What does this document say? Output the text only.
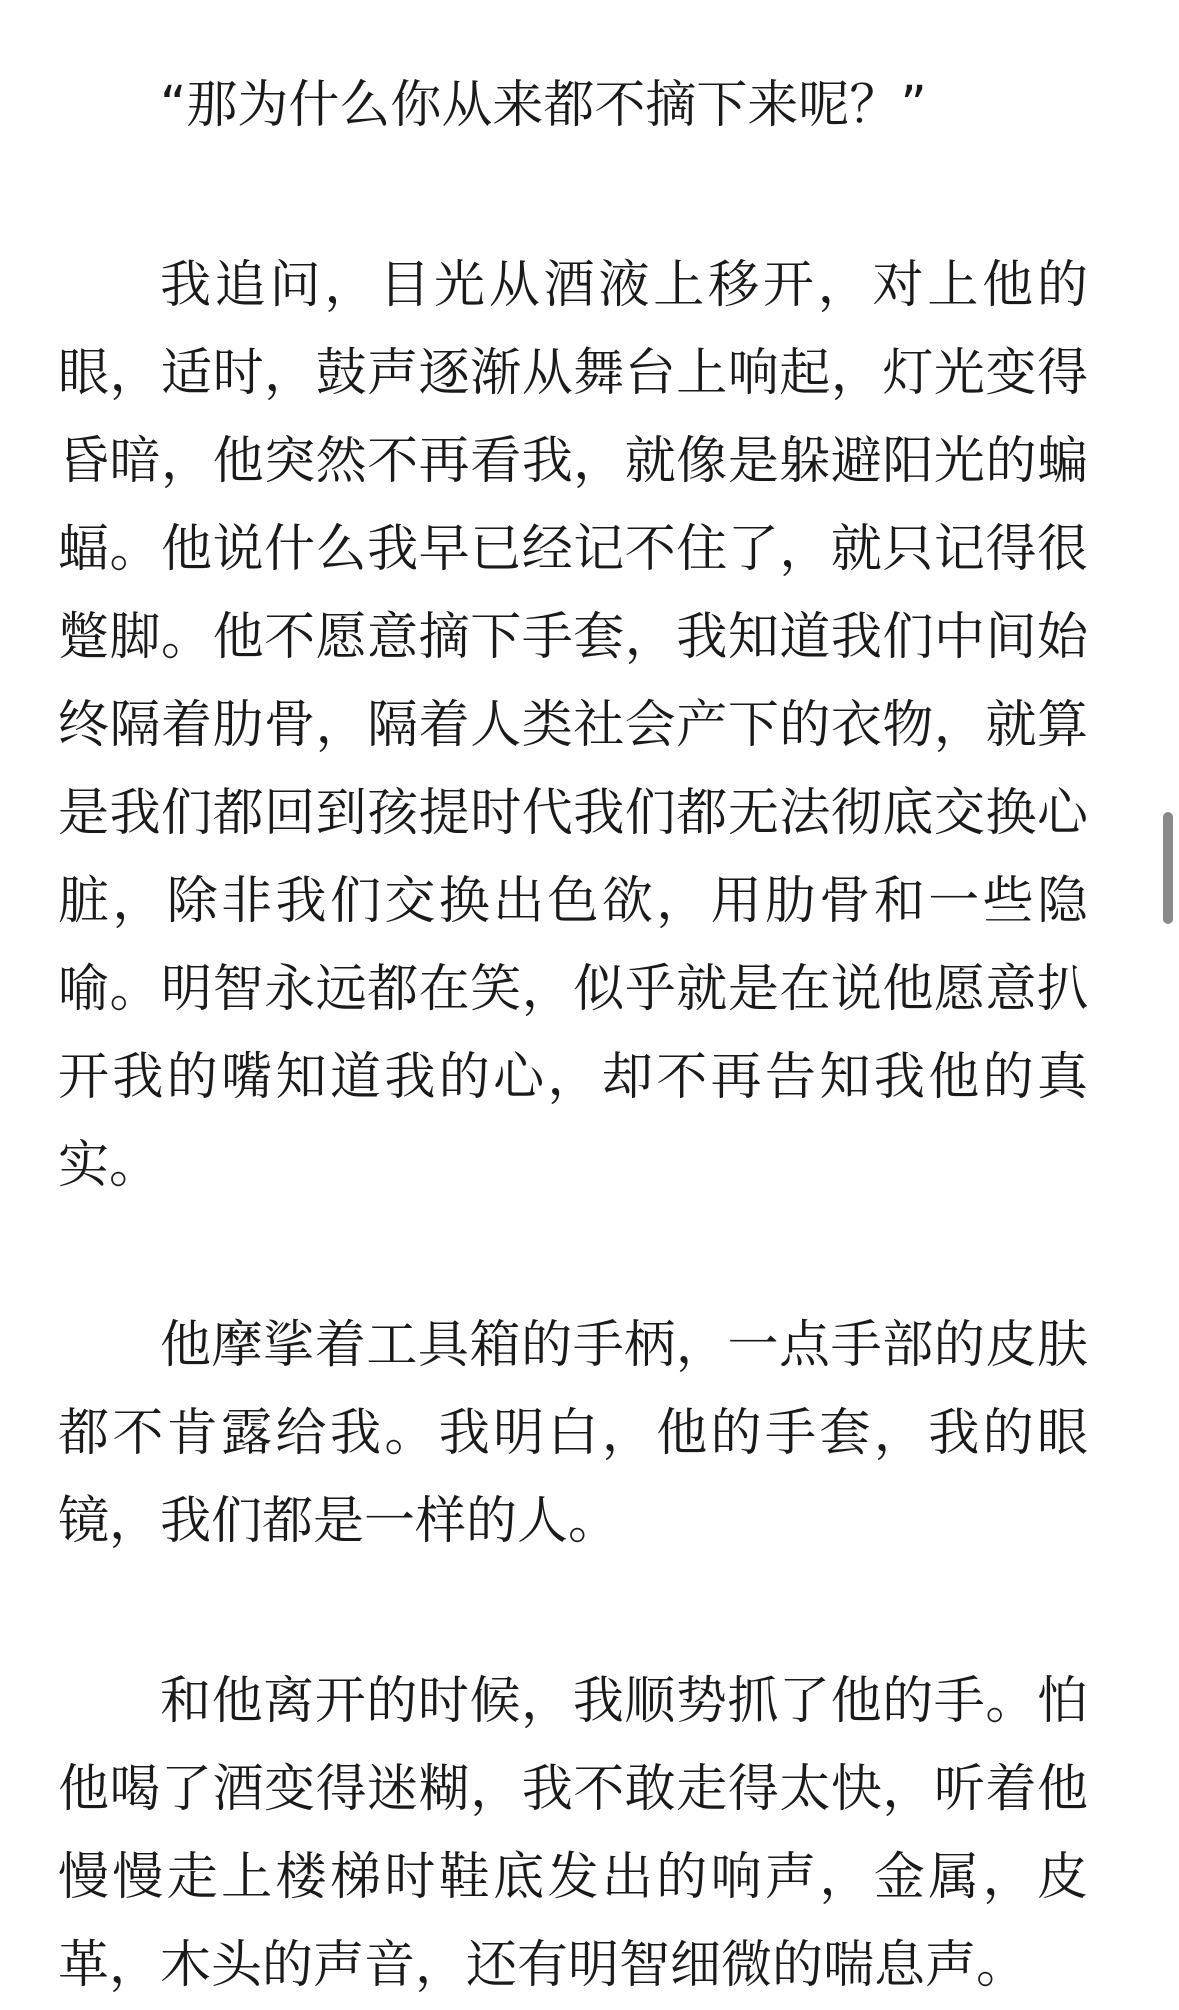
“那为什么你从来都不摘下来呢？”

我追问，目光从酒液上移开，对上他的眼，适时，鼓声逐渐从舞台上响起，灯光变得昏暗，他突然不再看我，就像是躲避阳光的蝙蝠。他说什么我早已经记不住了，就只记得很蹩脚。他不愿意摘下手套，我知道我们中间始终隔着肋骨，隔着人类社会产下的衣物，就算是我们都回到孩提时代我们都无法彻底交换心脏，除非我们交换出色欲，用肋骨和一些隐喻。明智永远都在笑，似乎就是在说他愿意扒开我的嘴知道我的心，却不再告知我他的真实。

他摩挲着工具箱的手柄，一点手部的皮肤都不肯露给我。我明白，他的手套，我的眼镜，我们都是一样的人。

和他离开的时候，我顺势抓了他的手。怕他喝了酒变得迷糊，我不敢走得太快，听着他慢慢走上楼梯时鞋底发出的响声，金属，皮革，木头的声音，还有明智细微的喘息声。
